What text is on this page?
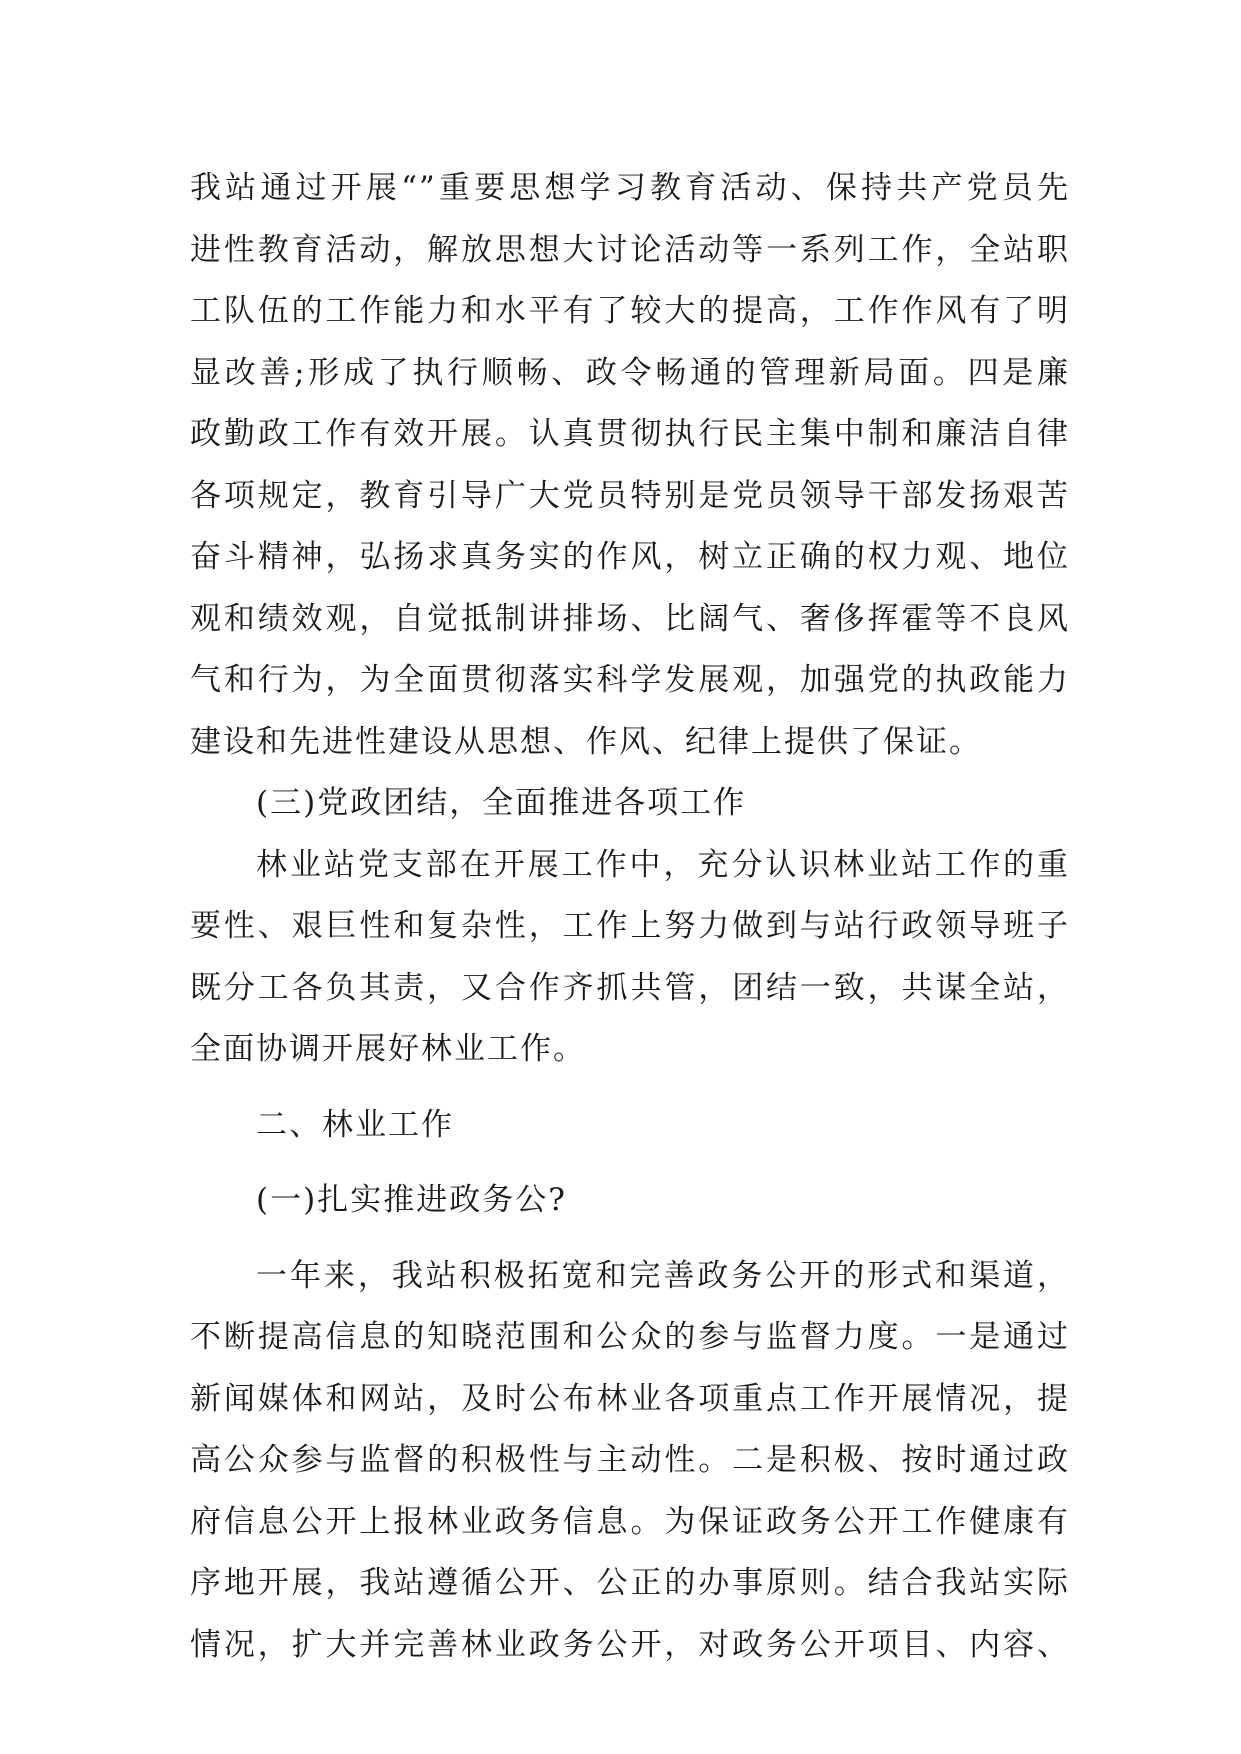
我站通过开展“”重要思想学习教育活动、保持共产党员先
进性教育活动，解放思想大讨论活动等一系列工作，全站职
工队伍的工作能力和水平有了较大的提高，工作作风有了明
显改善;形成了执行顺畅、政令畅通的管理新局面。四是廉
政勤政工作有效开展。认真贯彻执行民主集中制和廉洁自律
各项规定，教育引导广大党员特别是党员领导干部发扬艰苦
奋斗精神，弘扬求真务实的作风，树立正确的权力观、地位
观和绩效观，自觉抵制讲排场、比阔气、奢侈挥霍等不良风
气和行为，为全面贯彻落实科学发展观，加强党的执政能力
建设和先进性建设从思想、作风、纪律上提供了保证。
(三)党政团结，全面推进各项工作
林业站党支部在开展工作中，充分认识林业站工作的重
要性、艰巨性和复杂性，工作上努力做到与站行政领导班子
既分工各负其责，又合作齐抓共管，团结一致，共谋全站，
全面协调开展好林业工作。
二、林业工作
(一)扎实推进政务公?
一年来，我站积极拓宽和完善政务公开的形式和渠道，
不断提高信息的知晓范围和公众的参与监督力度。一是通过
新闻媒体和网站，及时公布林业各项重点工作开展情况，提
高公众参与监督的积极性与主动性。二是积极、按时通过政
府信息公开上报林业政务信息。为保证政务公开工作健康有
序地开展，我站遵循公开、公正的办事原则。结合我站实际
情况，扩大并完善林业政务公开，对政务公开项目、内容、
